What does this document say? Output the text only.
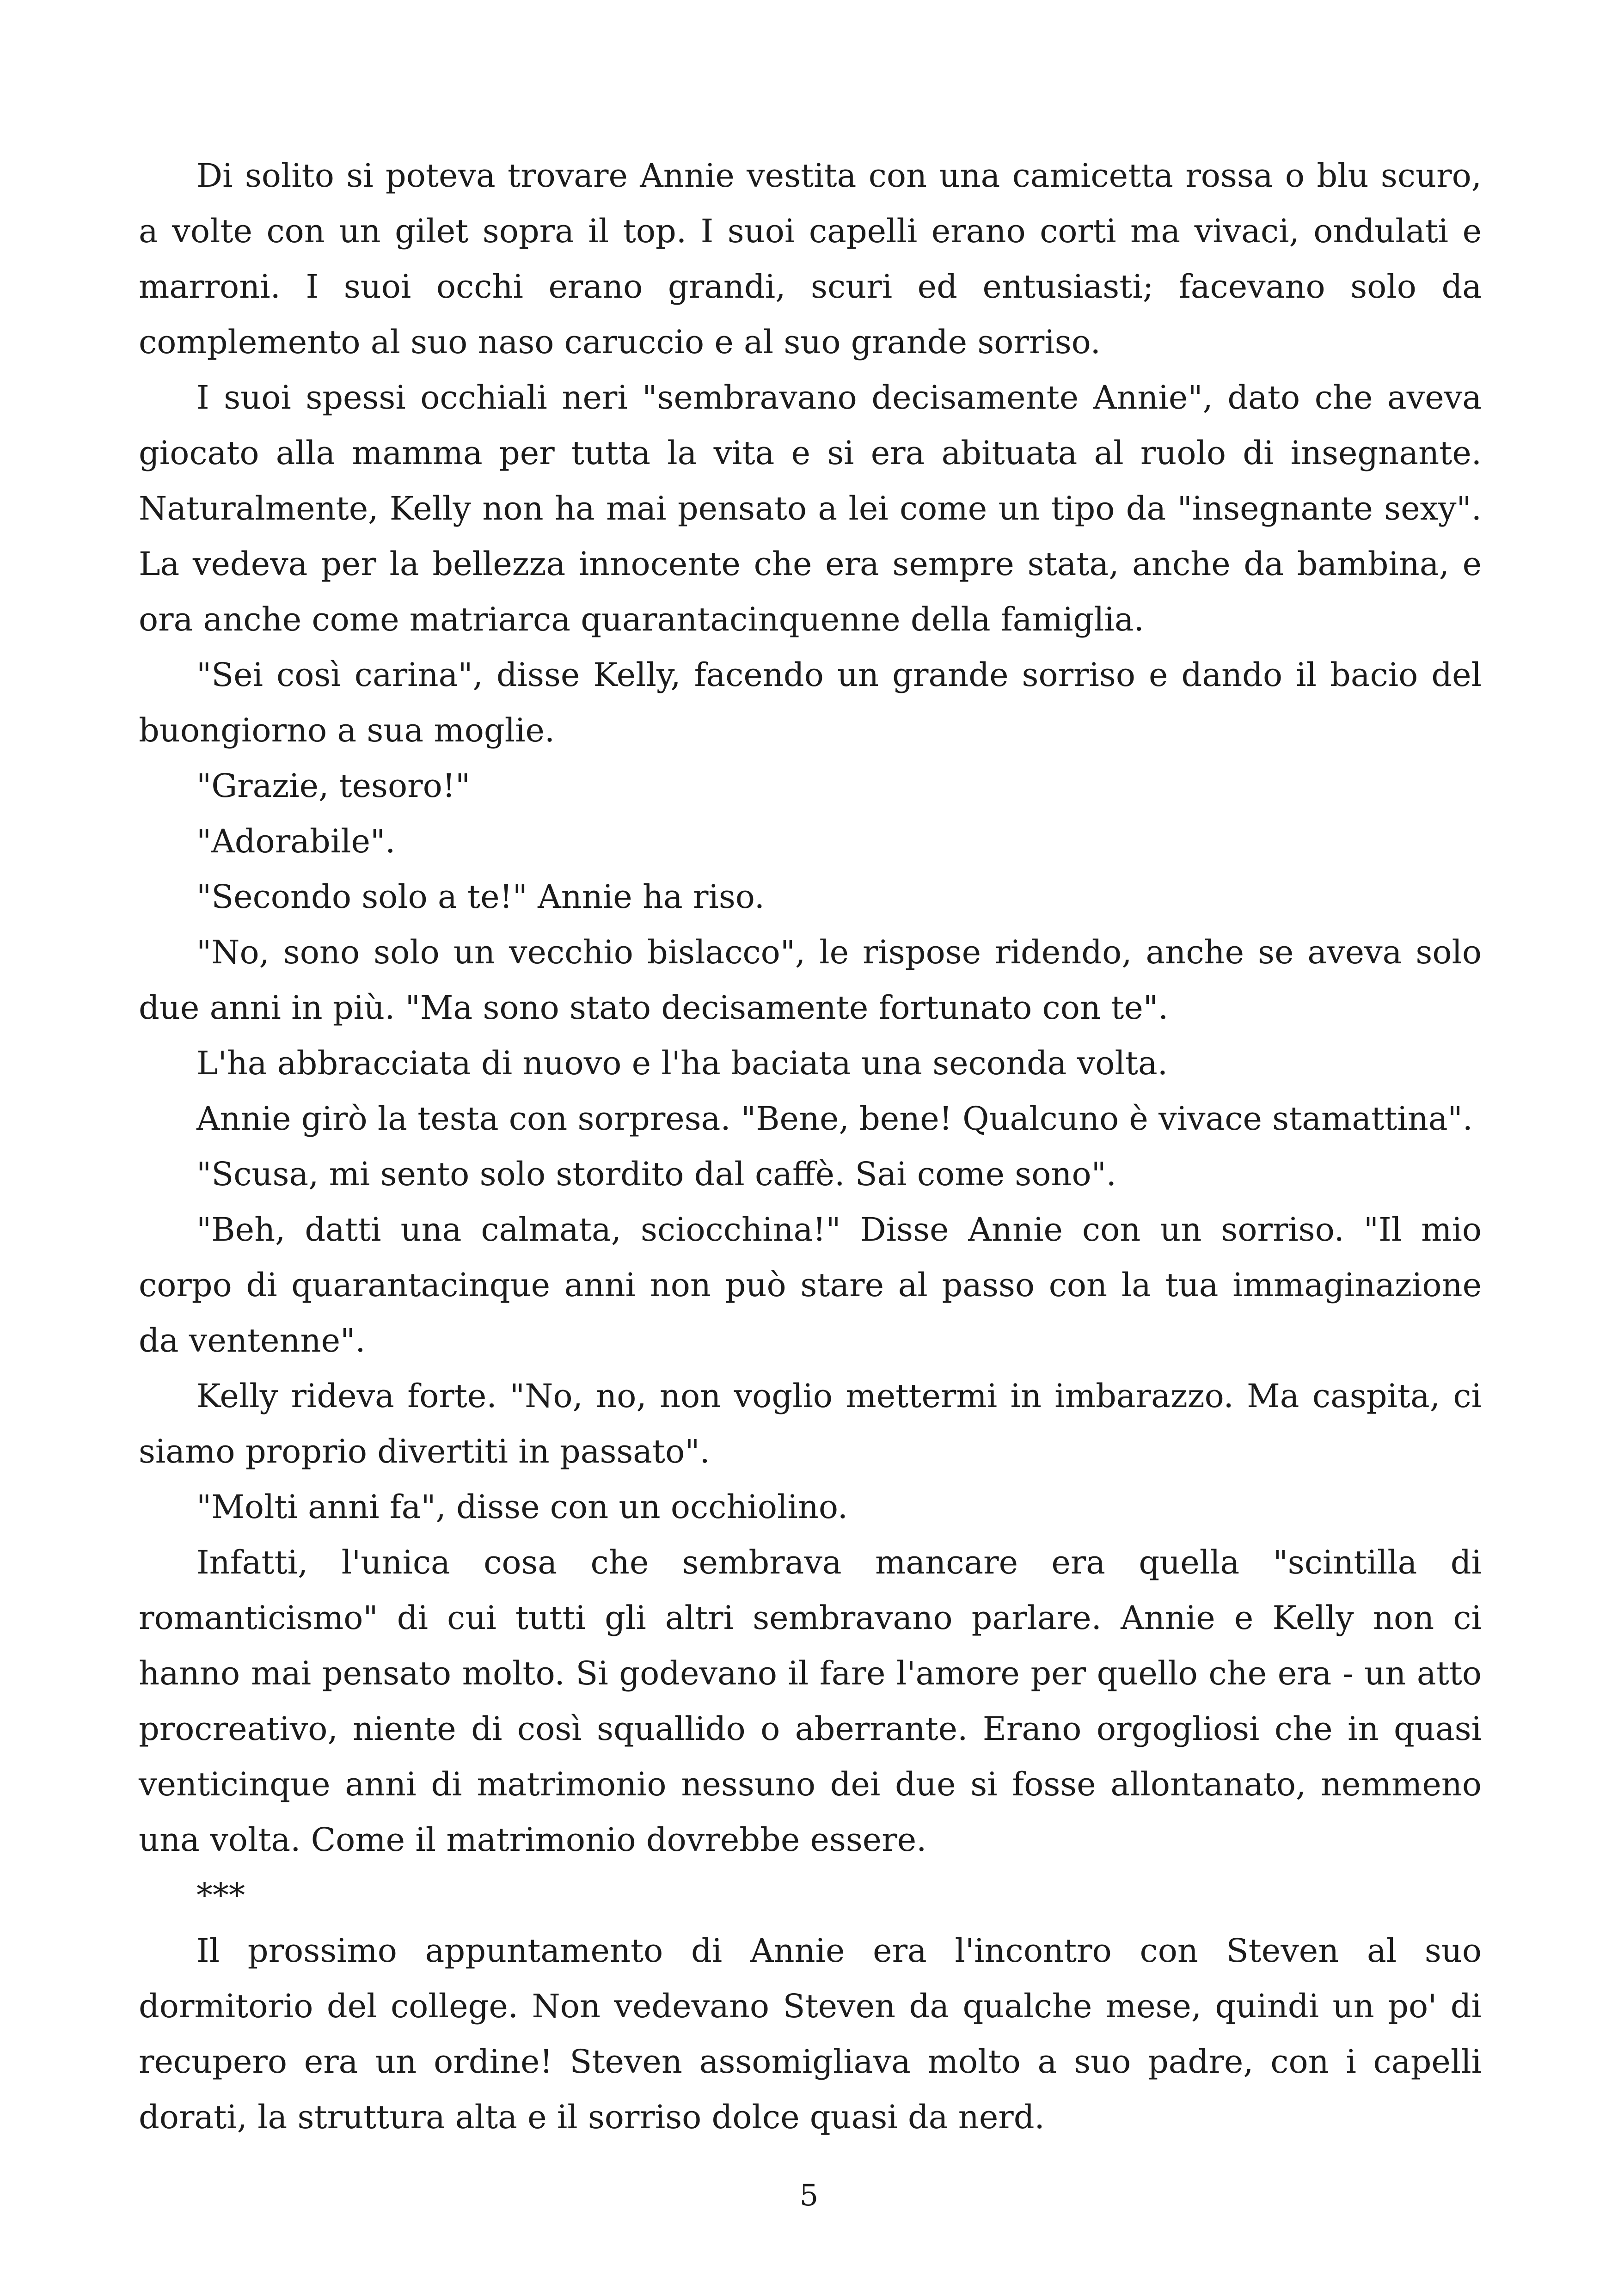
Di solito si poteva trovare Annie vestita con una camicetta rossa o blu scuro, a volte con un gilet sopra il top. I suoi capelli erano corti ma vivaci, ondulati e marroni. I suoi occhi erano grandi, scuri ed entusiasti; facevano solo da complemento al suo naso caruccio e al suo grande sorriso.

I suoi spessi occhiali neri "sembravano decisamente Annie", dato che aveva giocato alla mamma per tutta la vita e si era abituata al ruolo di insegnante. Naturalmente, Kelly non ha mai pensato a lei come un tipo da "insegnante sexy". La vedeva per la bellezza innocente che era sempre stata, anche da bambina, e ora anche come matriarca quarantacinquenne della famiglia.

"Sei così carina", disse Kelly, facendo un grande sorriso e dando il bacio del buongiorno a sua moglie.

"Grazie, tesoro!"

"Adorabile".

"Secondo solo a te!" Annie ha riso.

"No, sono solo un vecchio bislacco", le rispose ridendo, anche se aveva solo due anni in più. "Ma sono stato decisamente fortunato con te".

L'ha abbracciata di nuovo e l'ha baciata una seconda volta.

Annie girò la testa con sorpresa. "Bene, bene! Qualcuno è vivace stamattina".

"Scusa, mi sento solo stordito dal caffè. Sai come sono".

"Beh, datti una calmata, sciocchina!" Disse Annie con un sorriso. "Il mio corpo di quarantacinque anni non può stare al passo con la tua immaginazione da ventenne".

Kelly rideva forte. "No, no, non voglio mettermi in imbarazzo. Ma caspita, ci siamo proprio divertiti in passato".

"Molti anni fa", disse con un occhiolino.

Infatti, l'unica cosa che sembrava mancare era quella "scintilla di romanticismo" di cui tutti gli altri sembravano parlare. Annie e Kelly non ci hanno mai pensato molto. Si godevano il fare l'amore per quello che era - un atto procreativo, niente di così squallido o aberrante. Erano orgogliosi che in quasi venticinque anni di matrimonio nessuno dei due si fosse allontanato, nemmeno una volta. Come il matrimonio dovrebbe essere.

***

Il prossimo appuntamento di Annie era l'incontro con Steven al suo dormitorio del college. Non vedevano Steven da qualche mese, quindi un po' di recupero era un ordine! Steven assomigliava molto a suo padre, con i capelli dorati, la struttura alta e il sorriso dolce quasi da nerd.

5
